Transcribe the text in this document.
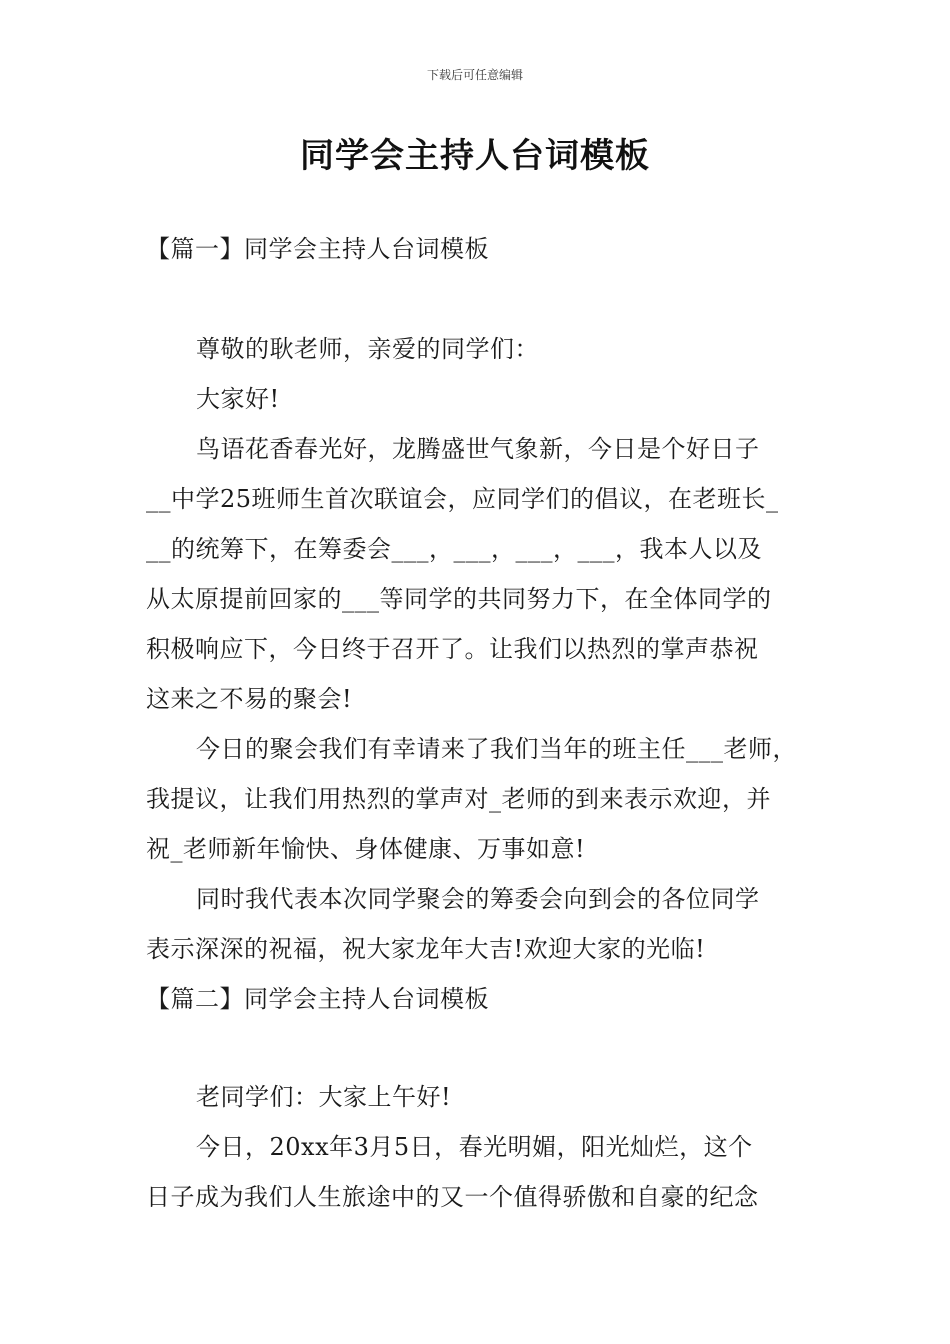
下载后可任意编辑
同学会主持人台词模板
【篇一】同学会主持人台词模板
尊敬的耿老师，亲爱的同学们：
大家好!
鸟语花香春光好，龙腾盛世气象新，今日是个好日子
__中学25班师生首次联谊会，应同学们的倡议，在老班长_
__的统筹下，在筹委会___，___，___，___，我本人以及
从太原提前回家的___等同学的共同努力下，在全体同学的
积极响应下，今日终于召开了。让我们以热烈的掌声恭祝
这来之不易的聚会!
今日的聚会我们有幸请来了我们当年的班主任___老师，
我提议，让我们用热烈的掌声对_老师的到来表示欢迎，并
祝_老师新年愉快、身体健康、万事如意!
同时我代表本次同学聚会的筹委会向到会的各位同学
表示深深的祝福，祝大家龙年大吉!欢迎大家的光临!
【篇二】同学会主持人台词模板
老同学们：大家上午好!
今日，20xx年3月5日，春光明媚，阳光灿烂，这个
日子成为我们人生旅途中的又一个值得骄傲和自豪的纪念
